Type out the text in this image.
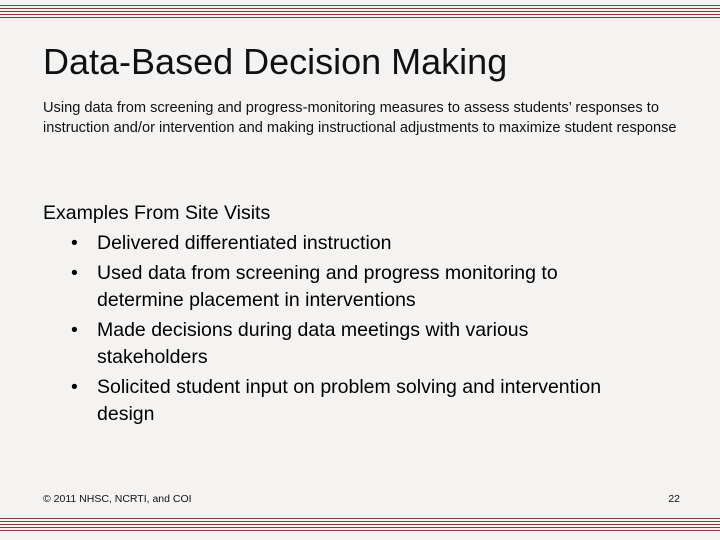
Data-Based Decision Making

Using data from screening and progress-monitoring measures to assess students’ responses to instruction and/or intervention and making instructional adjustments to maximize student response

Examples From Site Visits
• Delivered differentiated instruction
• Used data from screening and progress monitoring to determine placement in interventions
• Made decisions during data meetings with various stakeholders
• Solicited student input on problem solving and intervention design
© 2011 NHSC, NCRTI, and COI	22
